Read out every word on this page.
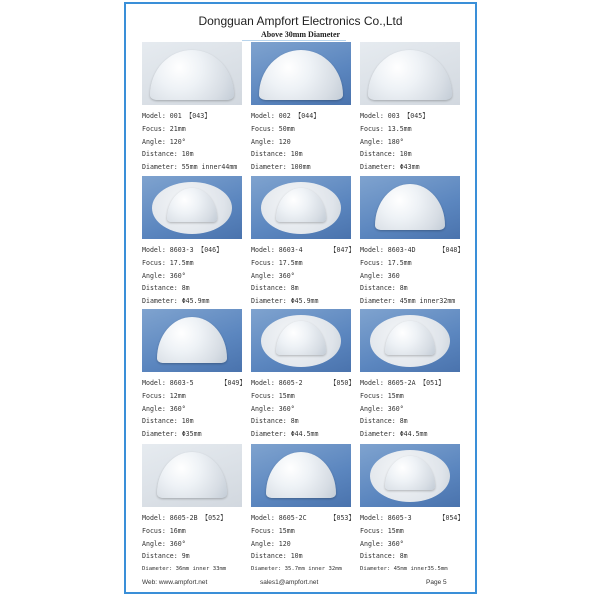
Dongguan Ampfort Electronics Co.,Ltd
Above 30mm Diameter
Model: 001 【043】
Focus: 21mm
Angle: 120°
Distance: 10m
Diameter: 55mm inner44mm
Model: 002 【044】
Focus: 50mm
Angle: 120
Distance: 10m
Diameter: 100mm
Model: 003 【045】
Focus: 13.5mm
Angle: 180°
Distance: 10m
Diameter: Φ43mm
Model: 8603-3 【046】
Focus: 17.5mm
Angle: 360°
Distance: 8m
Diameter: Φ45.9mm
Model: 8603-4	【047】
Focus: 17.5mm
Angle: 360°
Distance: 8m
Diameter: Φ45.9mm
Model: 8603-4D	【048】
Focus: 17.5mm
Angle: 360
Distance: 8m
Diameter: 45mm inner32mm
Model: 8603-5	【049】
Focus: 12mm
Angle: 360°
Distance: 10m
Diameter: Φ35mm
Model: 8605-2	【050】
Focus: 15mm
Angle: 360°
Distance: 8m
Diameter: Φ44.5mm
Model: 8605-2A 【051】
Focus: 15mm
Angle: 360°
Distance: 8m
Diameter: Φ44.5mm
Model: 8605-2B 【052】
Focus: 16mm
Angle: 360°
Distance: 9m
Diameter: 36mm inner 33mm
Model: 8605-2C	【053】
Focus: 15mm
Angle: 120
Distance: 10m
Diameter: 35.7mm inner 32mm
Model: 8605-3	【054】
Focus: 15mm
Angle: 360°
Distance: 8m
Diameter: 45mm inner35.5mm
Web: www.ampfort.net	sales1@ampfort.net	Page 5
